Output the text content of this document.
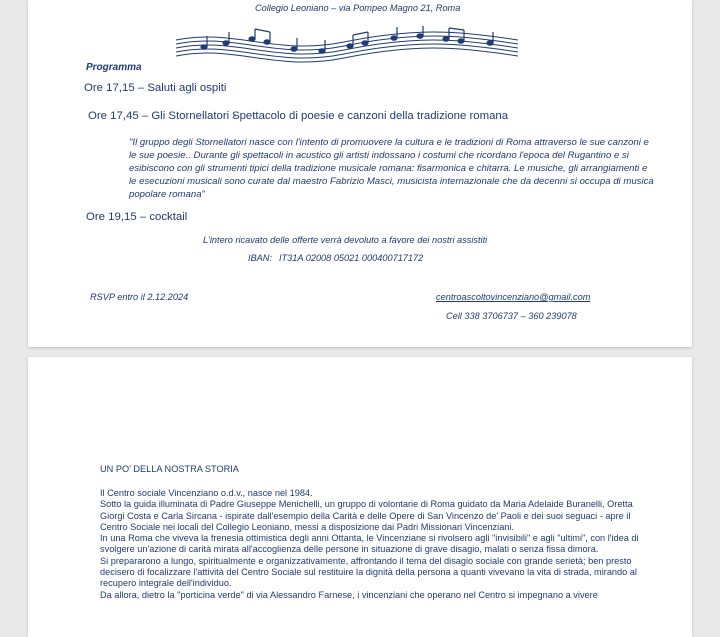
Collegio Leoniano – via Pompeo Magno 21, Roma
Programma
Ore 17,15 – Saluti agli ospiti
Ore 17,45 – Gli Stornellatori -
Spettacolo di poesie e canzoni della tradizione romana
"Il gruppo degli Stornellatori nasce con l'intento di promuovere la cultura e le tradizioni di Roma attraverso le sue canzoni e le sue poesie.. Durante gli spettacoli in acustico gli artisti indossano i costumi che ricordano l'epoca del Rugantino e si esibiscono con gli strumenti tipici della tradizione musicale romana: fisarmonica e chitarra. Le musiche, gli arrangiamenti e le esecuzioni musicali sono curate dal maestro Fabrizio Masci, musicista internazionale che da decenni si occupa di musica popolare romana"
Ore 19,15 – cocktail
L'intero ricavato delle offerte verrà devoluto a favore dei nostri assistiti
IBAN: IT31A 02008 05021 000400717172
RSVP entro il 2.12.2024	centroascoltovincenziano@gmail.com
Cell 338 3706737 – 360 239078
UN PO' DELLA NOSTRA STORIA

Il Centro sociale Vincenziano o.d.v., nasce nel 1984.

Sotto la guida illuminata di Padre Giuseppe Menichelli, un gruppo di volontarie di Roma guidato da Maria Adelaide Buranelli, Oretta Giorgi Costa e Carla Sircana - ispirate dall'esempio della Carità e delle Opere di San Vincenzo de' Paoli e dei suoi seguaci - apre il Centro Sociale nei locali del Collegio Leoniano, messi a disposizione dai Padri Missionari Vincenziani.

In una Roma che viveva la frenesia ottimistica degli anni Ottanta, le Vincenziane si rivolsero agli "invisibili" e agli "ultimi", con l'idea di svolgere un'azione di carità mirata all'accoglienza delle persone in situazione di grave disagio, malati o senza fissa dimora.

Si prepararono a lungo, spiritualmente e organizzativamente, affrontando il tema del disagio sociale con grande serietà; ben presto decisero di focalizzare l'attività del Centro Sociale sul restituire la dignità della persona a quanti vivevano la vita di strada, mirando al recupero integrale dell'individuo.

Da allora, dietro la "porticina verde" di via Alessandro Farnese, i vincenziani che operano nel Centro si impegnano a vivere
